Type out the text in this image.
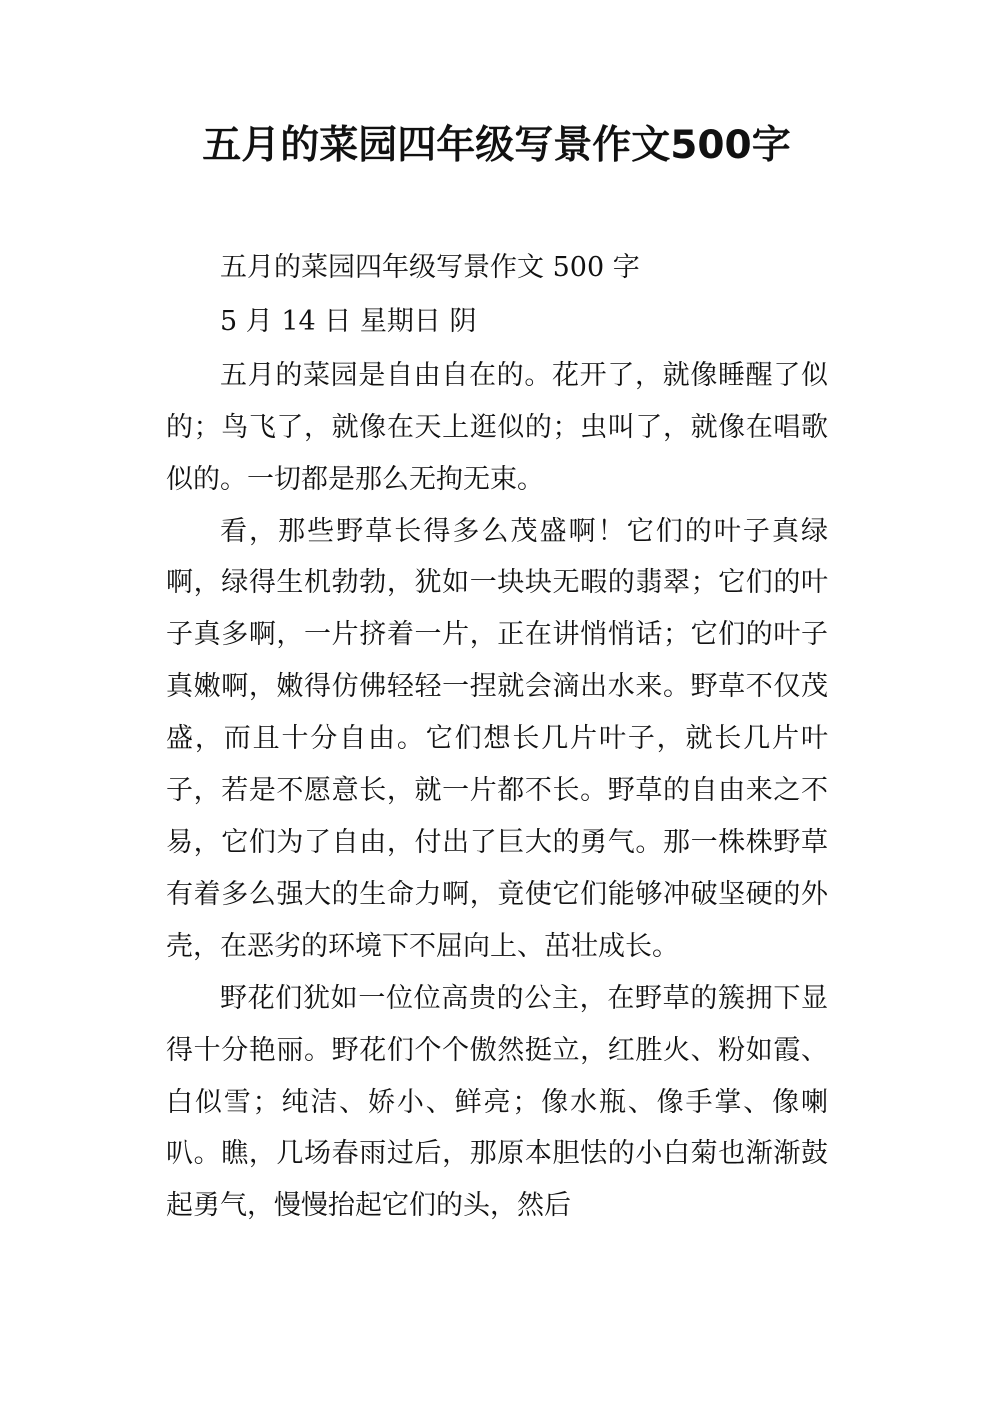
五月的菜园四年级写景作文500字

五月的菜园四年级写景作文 500 字

5 月 14 日 星期日 阴

五月的菜园是自由自在的。花开了，就像睡醒了似的；鸟飞了，就像在天上逛似的；虫叫了，就像在唱歌似的。一切都是那么无拘无束。

看，那些野草长得多么茂盛啊！它们的叶子真绿啊，绿得生机勃勃，犹如一块块无暇的翡翠；它们的叶子真多啊，一片挤着一片，正在讲悄悄话；它们的叶子真嫩啊，嫩得仿佛轻轻一捏就会滴出水来。野草不仅茂盛，而且十分自由。它们想长几片叶子，就长几片叶子，若是不愿意长，就一片都不长。野草的自由来之不易，它们为了自由，付出了巨大的勇气。那一株株野草有着多么强大的生命力啊，竟使它们能够冲破坚硬的外壳，在恶劣的环境下不屈向上、茁壮成长。

野花们犹如一位位高贵的公主，在野草的簇拥下显得十分艳丽。野花们个个傲然挺立，红胜火、粉如霞、白似雪；纯洁、娇小、鲜亮；像水瓶、像手掌、像喇叭。瞧，几场春雨过后，那原本胆怯的小白菊也渐渐鼓起勇气，慢慢抬起它们的头，然后
